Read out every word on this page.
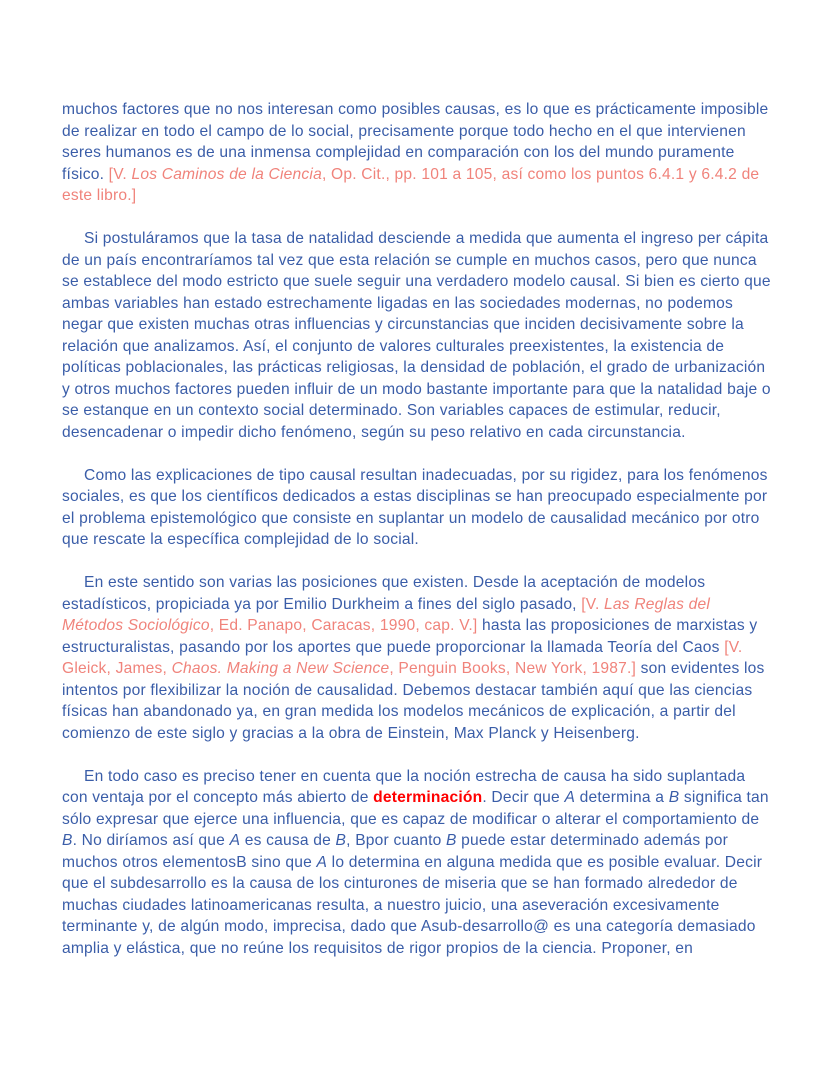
muchos factores que no nos interesan como posibles causas, es lo que es prácticamente imposible de realizar en todo el campo de lo social, precisamente porque todo hecho en el que intervienen seres humanos es de una inmensa complejidad en comparación con los del mundo puramente físico. [V. Los Caminos de la Ciencia, Op. Cit., pp. 101 a 105, así como los puntos 6.4.1 y 6.4.2 de este libro.]

Si postuláramos que la tasa de natalidad desciende a medida que aumenta el ingreso per cápita de un país encontraríamos tal vez que esta relación se cumple en muchos casos, pero que nunca se establece del modo estricto que suele seguir una verdadero modelo causal. Si bien es cierto que ambas variables han estado estrechamente ligadas en las sociedades modernas, no podemos negar que existen muchas otras influencias y circunstancias que inciden decisivamente sobre la relación que analizamos. Así, el conjunto de valores culturales preexistentes, la existencia de políticas poblacionales, las prácticas religiosas, la densidad de población, el grado de urbanización y otros muchos factores pueden influir de un modo bastante importante para que la natalidad baje o se estanque en un contexto social determinado. Son variables capaces de estimular, reducir, desencadenar o impedir dicho fenómeno, según su peso relativo en cada circunstancia.

Como las explicaciones de tipo causal resultan inadecuadas, por su rigidez, para los fenómenos sociales, es que los científicos dedicados a estas disciplinas se han preocupado especialmente por el problema epistemológico que consiste en suplantar un modelo de causalidad mecánico por otro que rescate la específica complejidad de lo social.

En este sentido son varias las posiciones que existen. Desde la aceptación de modelos estadísticos, propiciada ya por Emilio Durkheim a fines del siglo pasado, [V. Las Reglas del Métodos Sociológico, Ed. Panapo, Caracas, 1990, cap. V.] hasta las proposiciones de marxistas y estructuralistas, pasando por los aportes que puede proporcionar la llamada Teoría del Caos [V. Gleick, James, Chaos. Making a New Science, Penguin Books, New York, 1987.] son evidentes los intentos por flexibilizar la noción de causalidad. Debemos destacar también aquí que las ciencias físicas han abandonado ya, en gran medida los modelos mecánicos de explicación, a partir del comienzo de este siglo y gracias a la obra de Einstein, Max Planck y Heisenberg.

En todo caso es preciso tener en cuenta que la noción estrecha de causa ha sido suplantada con ventaja por el concepto más abierto de determinación. Decir que A determina a B significa tan sólo expresar que ejerce una influencia, que es capaz de modificar o alterar el comportamiento de B. No diríamos así que A es causa de B, Bpor cuanto B puede estar determinado además por muchos otros elementosB sino que A lo determina en alguna medida que es posible evaluar. Decir que el subdesarrollo es la causa de los cinturones de miseria que se han formado alrededor de muchas ciudades latinoamericanas resulta, a nuestro juicio, una aseveración excesivamente terminante y, de algún modo, imprecisa, dado que Asub-desarrollo@ es una categoría demasiado amplia y elástica, que no reúne los requisitos de rigor propios de la ciencia. Proponer, en
